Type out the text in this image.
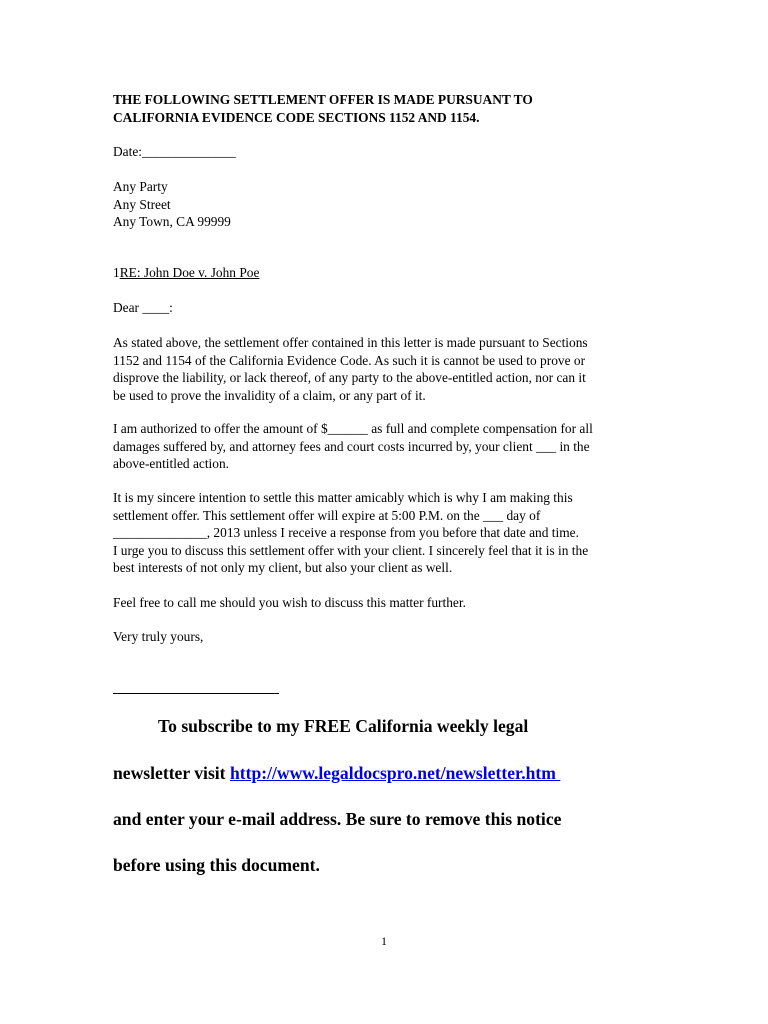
THE FOLLOWING SETTLEMENT OFFER IS MADE PURSUANT TO
CALIFORNIA EVIDENCE CODE SECTIONS 1152 AND 1154.
Date:______________
Any Party
Any Street
Any Town, CA 99999
1RE: John Doe v. John Poe
Dear ____:
As stated above, the settlement offer contained in this letter is made pursuant to Sections
1152 and 1154 of the California Evidence Code. As such it is cannot be used to prove or
disprove the liability, or lack thereof, of any party to the above-entitled action, nor can it
be used to prove the invalidity of a claim, or any part of it.
I am authorized to offer the amount of $______ as full and complete compensation for all
damages suffered by, and attorney fees and court costs incurred by, your client ___ in the
above-entitled action.
It is my sincere intention to settle this matter amicably which is why I am making this
settlement offer. This settlement offer will expire at 5:00 P.M. on the ___ day of
______________, 2013 unless I receive a response from you before that date and time.
I urge you to discuss this settlement offer with your client. I sincerely feel that it is in the
best interests of not only my client, but also your client as well.
Feel free to call me should you wish to discuss this matter further.
Very truly yours,
To subscribe to my FREE California weekly legal
newsletter visit http://www.legaldocspro.net/newsletter.htm
and enter your e-mail address. Be sure to remove this notice
before using this document.
1
